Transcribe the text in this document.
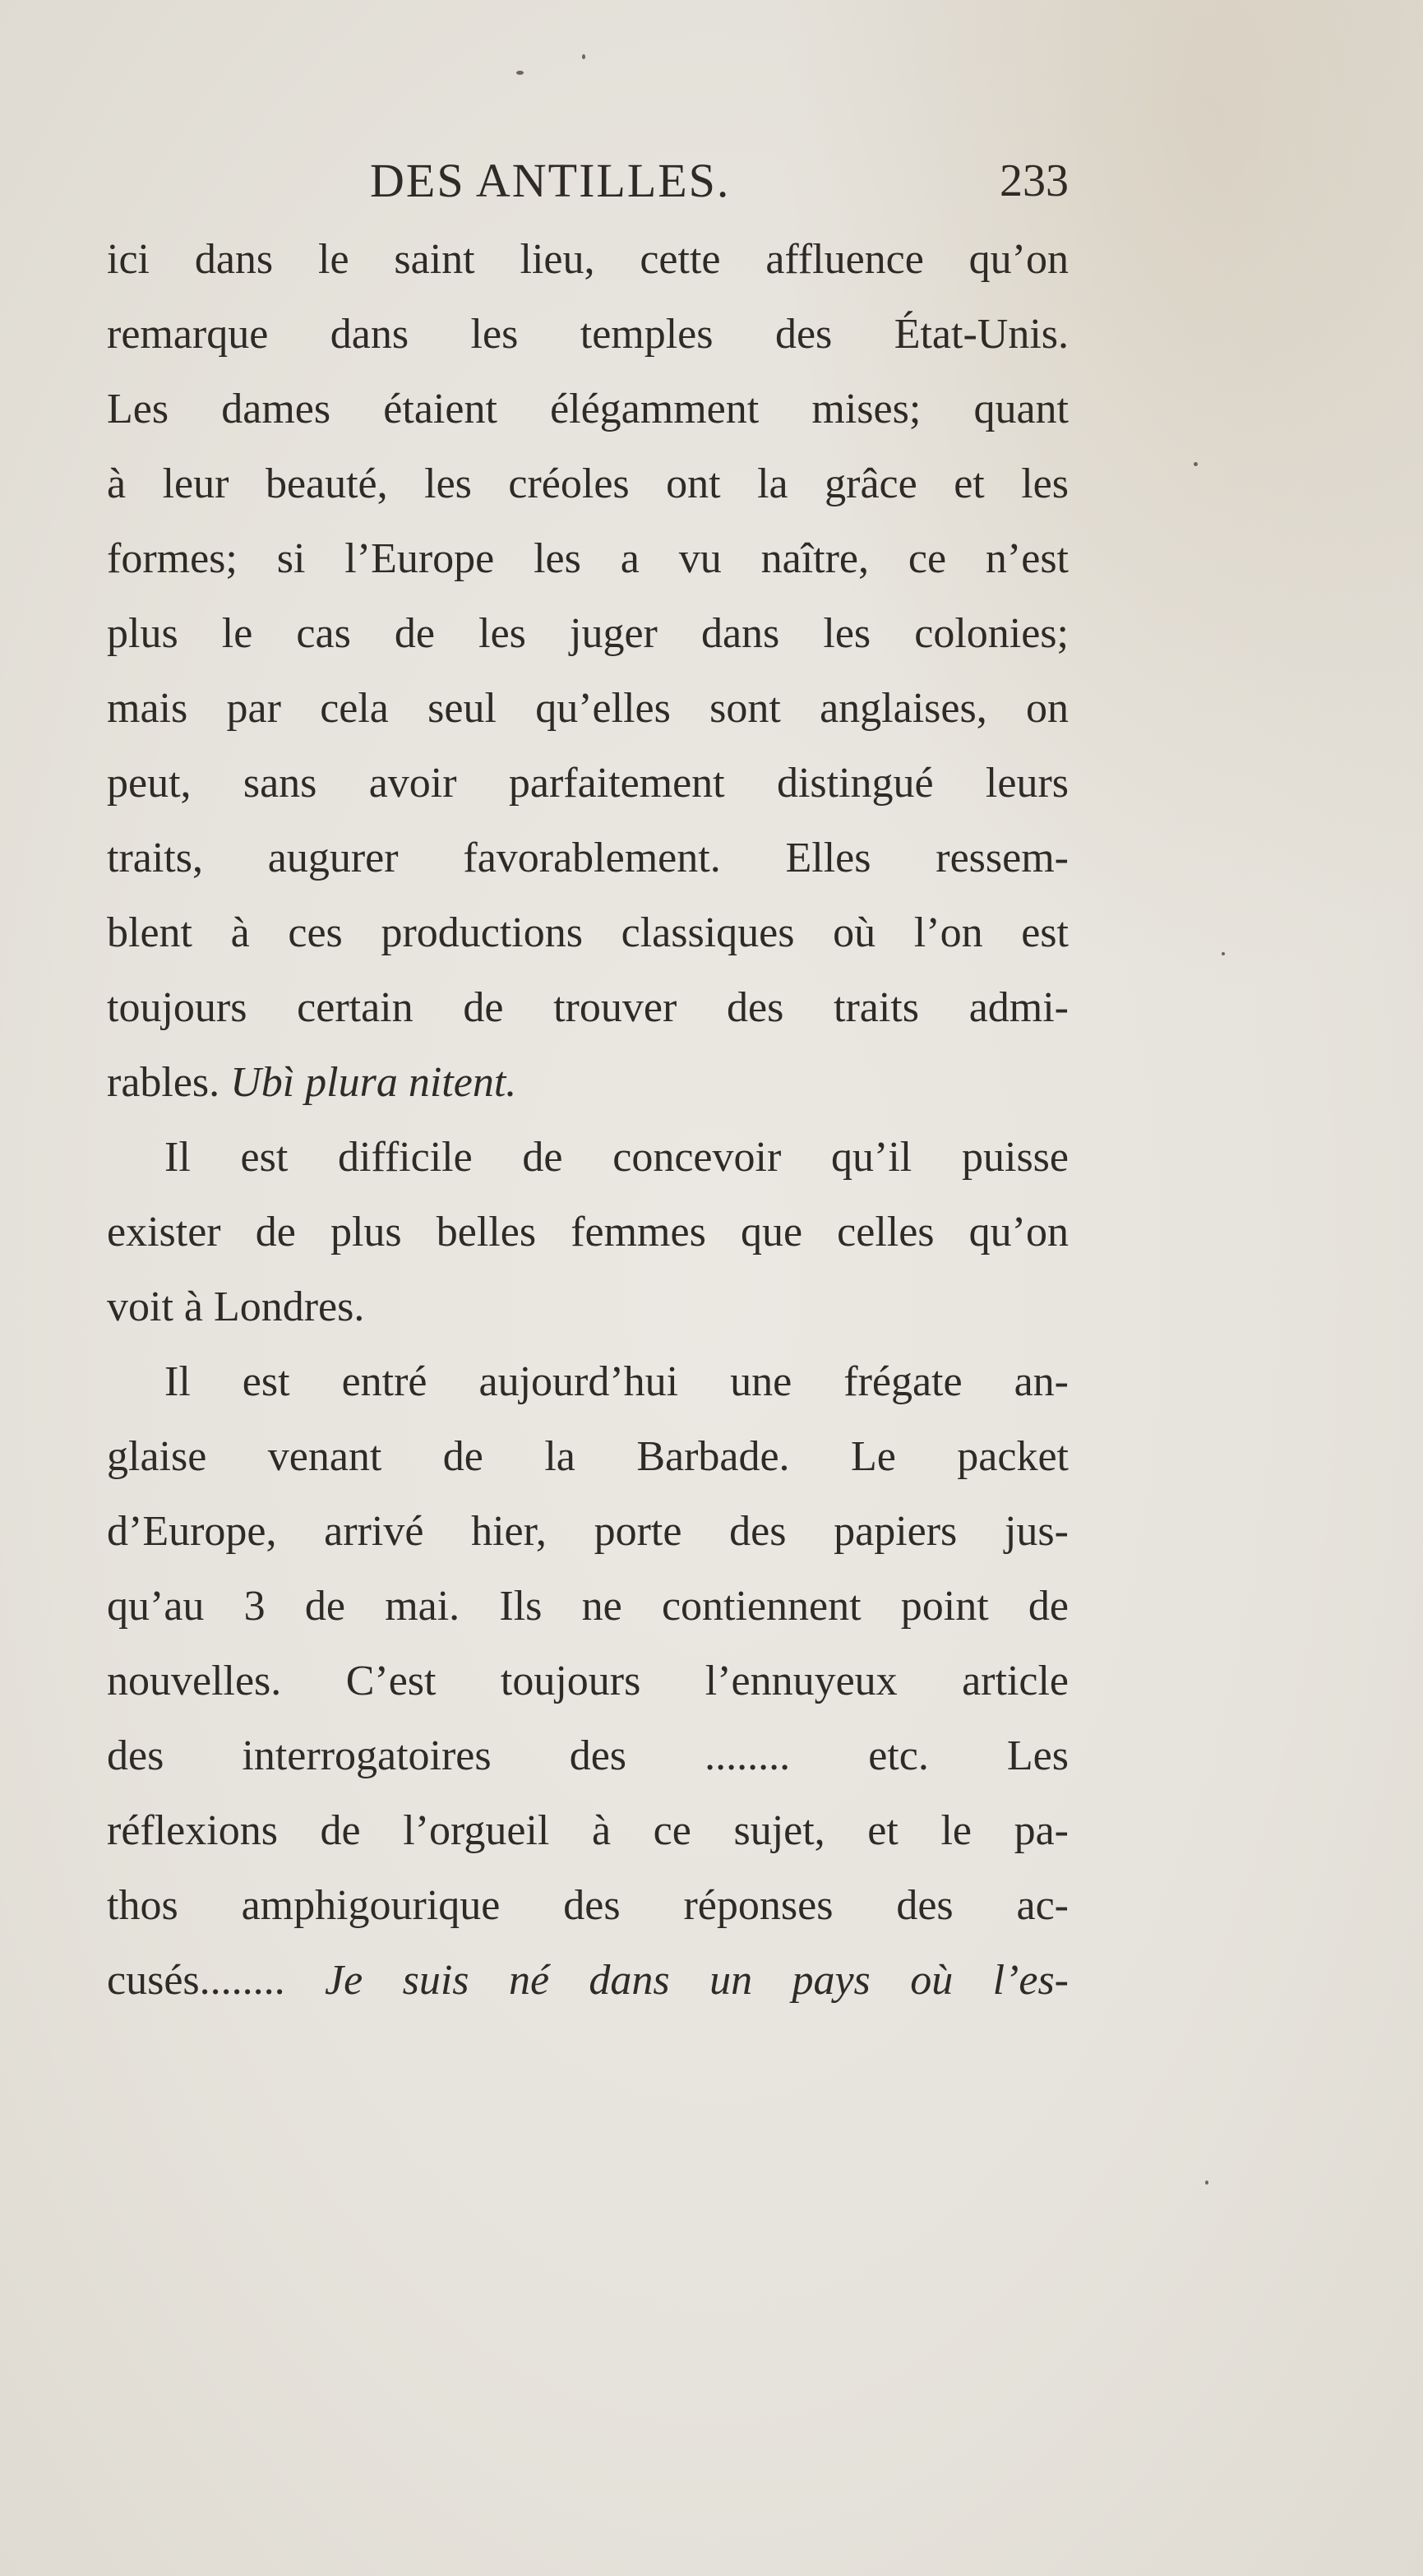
DES ANTILLES.	233
ici dans le saint lieu, cette affluence qu’on
remarque dans les temples des État-Unis.
Les dames étaient élégamment mises; quant
à leur beauté, les créoles ont la grâce et les
formes; si l’Europe les a vu naître, ce n’est
plus le cas de les juger dans les colonies;
mais par cela seul qu’elles sont anglaises, on
peut, sans avoir parfaitement distingué leurs
traits, augurer favorablement. Elles ressem-
blent à ces productions classiques où l’on est
toujours certain de trouver des traits admi-
rables. Ubì plura nitent.
Il est difficile de concevoir qu’il puisse
exister de plus belles femmes que celles qu’on
voit à Londres.
Il est entré aujourd’hui une frégate an-
glaise venant de la Barbade. Le packet
d’Europe, arrivé hier, porte des papiers jus-
qu’au 3 de mai. Ils ne contiennent point de
nouvelles. C’est toujours l’ennuyeux article
des interrogatoires des ........ etc. Les
réflexions de l’orgueil à ce sujet, et le pa-
thos amphigourique des réponses des ac-
cusés........ Je suis né dans un pays où l’es-
